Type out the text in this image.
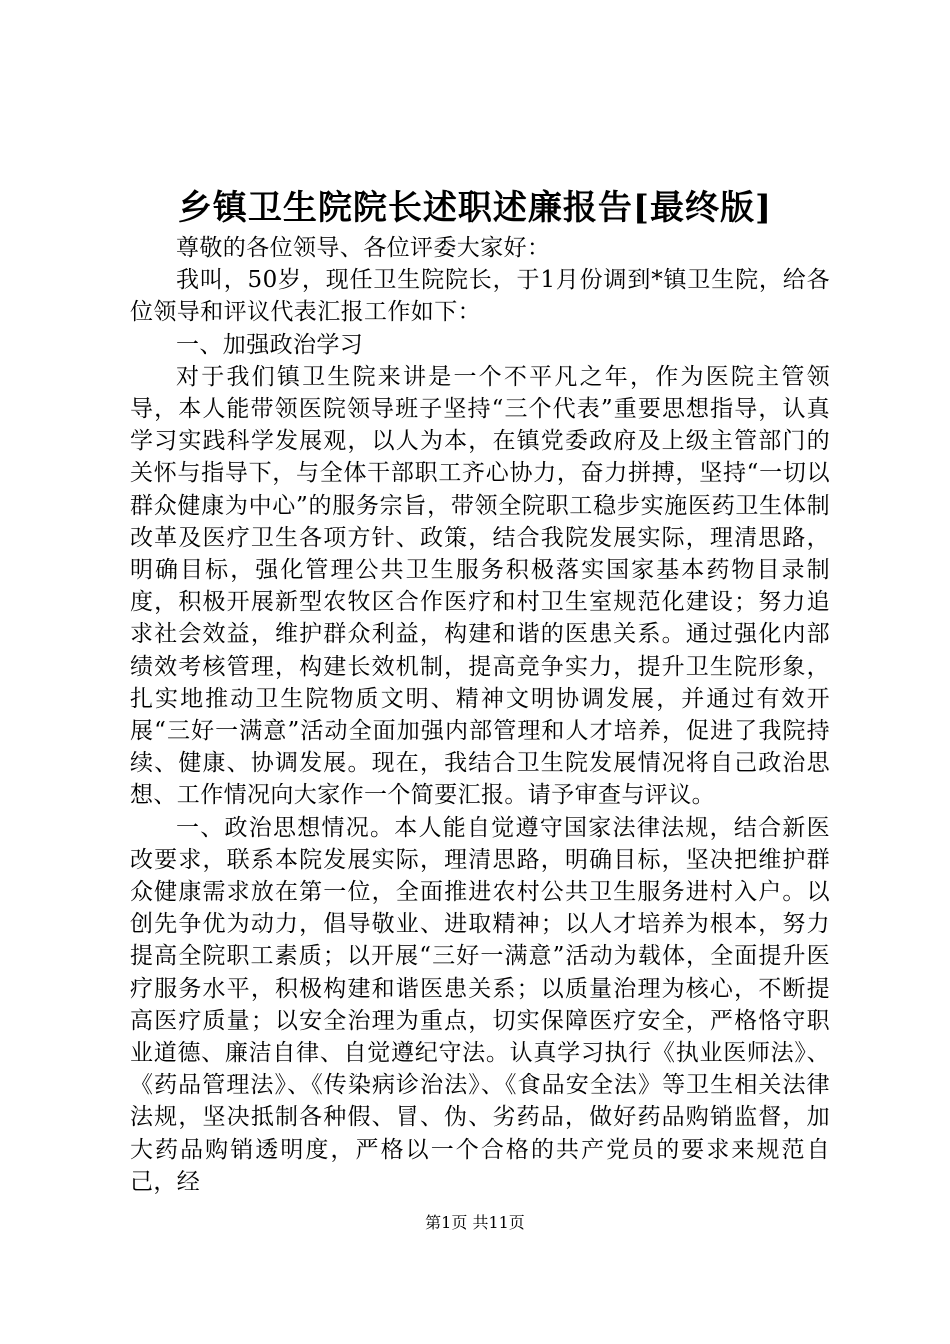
乡镇卫生院院长述职述廉报告[最终版]

尊敬的各位领导、各位评委大家好：

我叫，50岁，现任卫生院院长，于1月份调到*镇卫生院，给各位领导和评议代表汇报工作如下：

一、加强政治学习

对于我们镇卫生院来讲是一个不平凡之年，作为医院主管领导，本人能带领医院领导班子坚持“三个代表”重要思想指导，认真学习实践科学发展观，以人为本，在镇党委政府及上级主管部门的关怀与指导下，与全体干部职工齐心协力，奋力拼搏，坚持“一切以群众健康为中心”的服务宗旨，带领全院职工稳步实施医药卫生体制改革及医疗卫生各项方针、政策，结合我院发展实际，理清思路，明确目标，强化管理公共卫生服务积极落实国家基本药物目录制度，积极开展新型农牧区合作医疗和村卫生室规范化建设；努力追求社会效益，维护群众利益，构建和谐的医患关系。通过强化内部绩效考核管理，构建长效机制，提高竞争实力，提升卫生院形象，扎实地推动卫生院物质文明、精神文明协调发展，并通过有效开展“三好一满意”活动全面加强内部管理和人才培养，促进了我院持续、健康、协调发展。现在，我结合卫生院发展情况将自己政治思想、工作情况向大家作一个简要汇报。请予审查与评议。

一、政治思想情况。本人能自觉遵守国家法律法规，结合新医改要求，联系本院发展实际，理清思路，明确目标，坚决把维护群众健康需求放在第一位，全面推进农村公共卫生服务进村入户。以创先争优为动力，倡导敬业、进取精神；以人才培养为根本，努力提高全院职工素质；以开展“三好一满意”活动为载体，全面提升医疗服务水平，积极构建和谐医患关系；以质量治理为核心，不断提高医疗质量；以安全治理为重点，切实保障医疗安全，严格恪守职业道德、廉洁自律、自觉遵纪守法。认真学习执行《执业医师法》、《药品管理法》、《传染病诊治法》、《食品安全法》等卫生相关法律法规，坚决抵制各种假、冒、伪、劣药品，做好药品购销监督，加大药品购销透明度，严格以一个合格的共产党员的要求来规范自己，经

第1页 共11页
